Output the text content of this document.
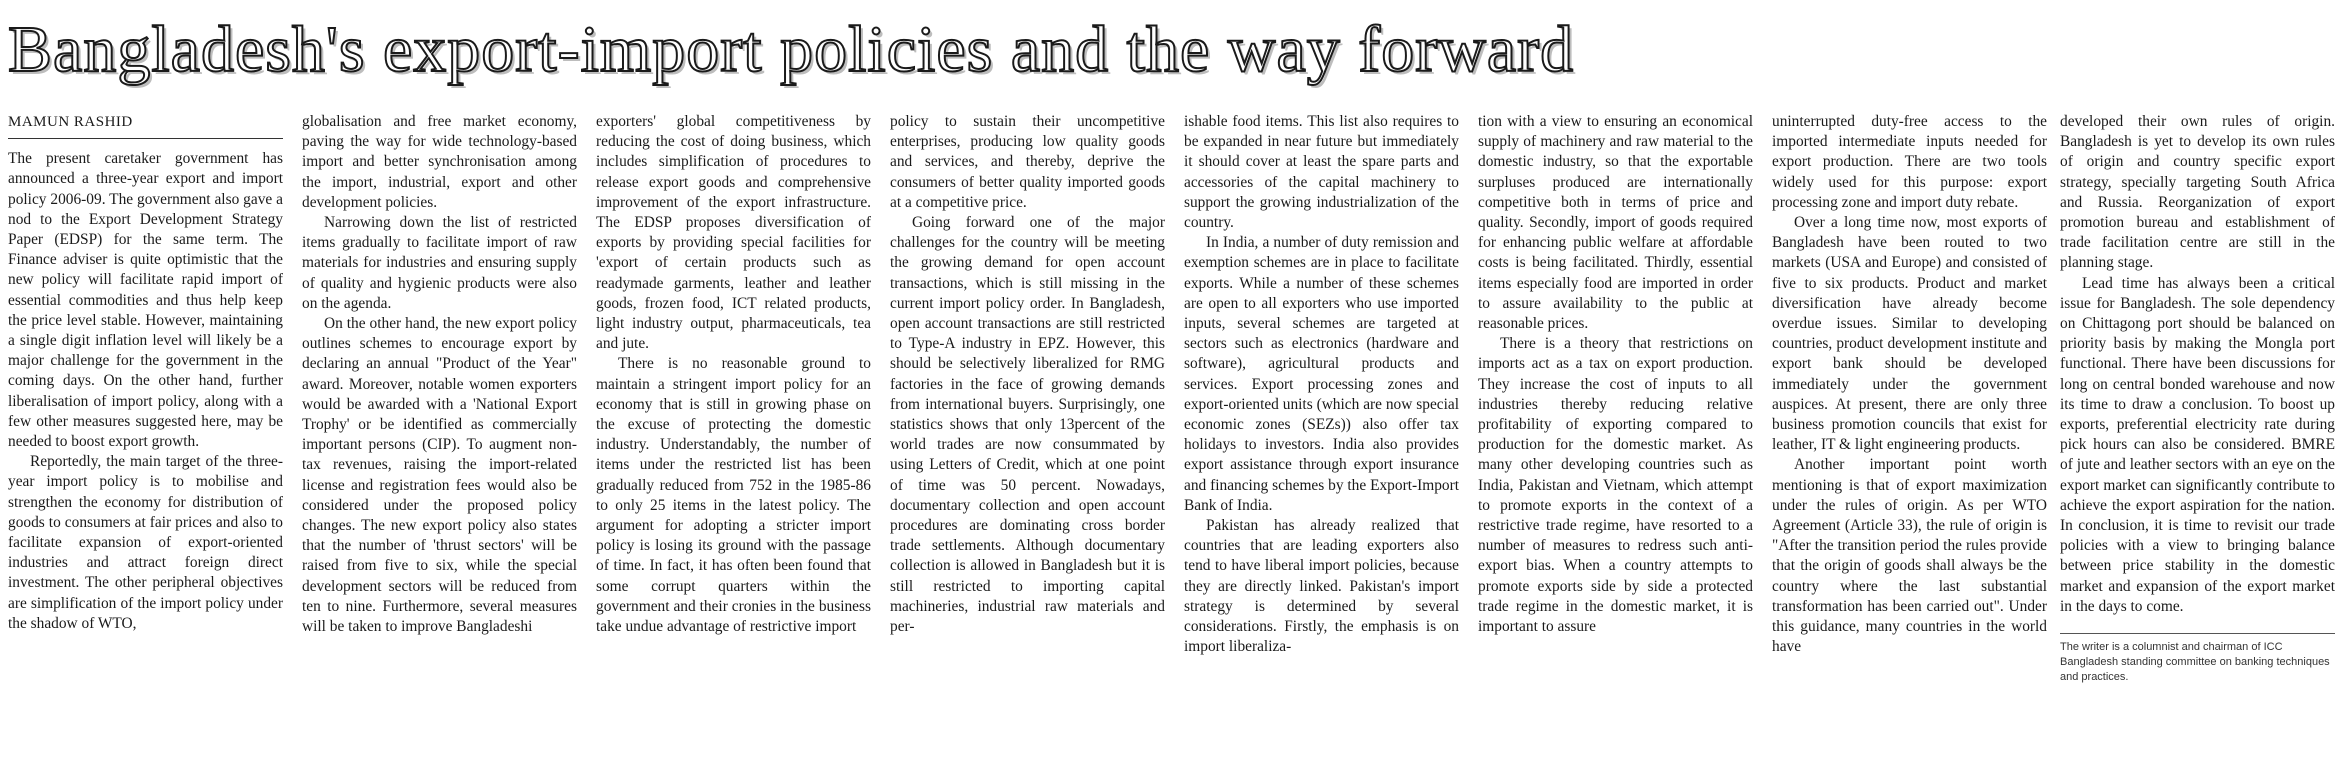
Bangladesh's export-import policies and the way forward
MAMUN RASHID

The present caretaker government has announced a three-year export and import policy 2006-09. The government also gave a nod to the Export Development Strategy Paper (EDSP) for the same term. The Finance adviser is quite optimistic that the new policy will facilitate rapid import of essential commodities and thus help keep the price level stable. However, maintaining a single digit inflation level will likely be a major challenge for the government in the coming days. On the other hand, further liberalisation of import policy, along with a few other measures suggested here, may be needed to boost export growth.

Reportedly, the main target of the three-year import policy is to mobilise and strengthen the economy for distribution of goods to consumers at fair prices and also to facilitate expansion of export-oriented industries and attract foreign direct investment. The other peripheral objectives are simplification of the import policy under the shadow of WTO,

globalisation and free market economy, paving the way for wide technology-based import and better synchronisation among the import, industrial, export and other development policies.

Narrowing down the list of restricted items gradually to facilitate import of raw materials for industries and ensuring supply of quality and hygienic products were also on the agenda.

On the other hand, the new export policy outlines schemes to encourage export by declaring an annual "Product of the Year" award. Moreover, notable women exporters would be awarded with a 'National Export Trophy' or be identified as commercially important persons (CIP). To augment non-tax revenues, raising the import-related license and registration fees would also be considered under the proposed policy changes. The new export policy also states that the number of 'thrust sectors' will be raised from five to six, while the special development sectors will be reduced from ten to nine. Furthermore, several measures will be taken to improve Bangladeshi

exporters' global competitiveness by reducing the cost of doing business, which includes simplification of procedures to release export goods and comprehensive improvement of the export infrastructure. The EDSP proposes diversification of exports by providing special facilities for 'export of certain products such as readymade garments, leather and leather goods, frozen food, ICT related products, light industry output, pharmaceuticals, tea and jute.

There is no reasonable ground to maintain a stringent import policy for an economy that is still in growing phase on the excuse of protecting the domestic industry. Understandably, the number of items under the restricted list has been gradually reduced from 752 in the 1985-86 to only 25 items in the latest policy. The argument for adopting a stricter import policy is losing its ground with the passage of time. In fact, it has often been found that some corrupt quarters within the government and their cronies in the business take undue advantage of restrictive import

policy to sustain their uncompetitive enterprises, producing low quality goods and services, and thereby, deprive the consumers of better quality imported goods at a competitive price.

Going forward one of the major challenges for the country will be meeting the growing demand for open account transactions, which is still missing in the current import policy order. In Bangladesh, open account transactions are still restricted to Type-A industry in EPZ. However, this should be selectively liberalized for RMG factories in the face of growing demands from international buyers. Surprisingly, one statistics shows that only 13percent of the world trades are now consummated by using Letters of Credit, which at one point of time was 50 percent. Nowadays, documentary collection and open account procedures are dominating cross border trade settlements. Although documentary collection is allowed in Bangladesh but it is still restricted to importing capital machineries, industrial raw materials and per-

ishable food items. This list also requires to be expanded in near future but immediately it should cover at least the spare parts and accessories of the capital machinery to support the growing industrialization of the country.

In India, a number of duty remission and exemption schemes are in place to facilitate exports. While a number of these schemes are open to all exporters who use imported inputs, several schemes are targeted at sectors such as electronics (hardware and software), agricultural products and services. Export processing zones and export-oriented units (which are now special economic zones (SEZs)) also offer tax holidays to investors. India also provides export assistance through export insurance and financing schemes by the Export-Import Bank of India.

Pakistan has already realized that countries that are leading exporters also tend to have liberal import policies, because they are directly linked. Pakistan's import strategy is determined by several considerations. Firstly, the emphasis is on import liberaliza-

tion with a view to ensuring an economical supply of machinery and raw material to the domestic industry, so that the exportable surpluses produced are internationally competitive both in terms of price and quality. Secondly, import of goods required for enhancing public welfare at affordable costs is being facilitated. Thirdly, essential items especially food are imported in order to assure availability to the public at reasonable prices.

There is a theory that restrictions on imports act as a tax on export production. They increase the cost of inputs to all industries thereby reducing relative profitability of exporting compared to production for the domestic market. As many other developing countries such as India, Pakistan and Vietnam, which attempt to promote exports in the context of a restrictive trade regime, have resorted to a number of measures to redress such anti-export bias. When a country attempts to promote exports side by side a protected trade regime in the domestic market, it is important to assure

uninterrupted duty-free access to the imported intermediate inputs needed for export production. There are two tools widely used for this purpose: export processing zone and import duty rebate.

Over a long time now, most exports of Bangladesh have been routed to two markets (USA and Europe) and consisted of five to six products. Product and market diversification have already become overdue issues. Similar to developing countries, product development institute and export bank should be developed immediately under the government auspices. At present, there are only three business promotion councils that exist for leather, IT & light engineering products.

Another important point worth mentioning is that of export maximization under the rules of origin. As per WTO Agreement (Article 33), the rule of origin is "After the transition period the rules provide that the origin of goods shall always be the country where the last substantial transformation has been carried out". Under this guidance, many countries in the world have

developed their own rules of origin. Bangladesh is yet to develop its own rules of origin and country specific export strategy, specially targeting South Africa and Russia. Reorganization of export promotion bureau and establishment of trade facilitation centre are still in the planning stage.

Lead time has always been a critical issue for Bangladesh. The sole dependency on Chittagong port should be balanced on priority basis by making the Mongla port functional. There have been discussions for long on central bonded warehouse and now its time to draw a conclusion. To boost up exports, preferential electricity rate during pick hours can also be considered. BMRE of jute and leather sectors with an eye on the export market can significantly contribute to achieve the export aspiration for the nation. In conclusion, it is time to revisit our trade policies with a view to bringing balance between price stability in the domestic market and expansion of the export market in the days to come.

The writer is a columnist and chairman of ICC Bangladesh standing committee on banking techniques and practices.
